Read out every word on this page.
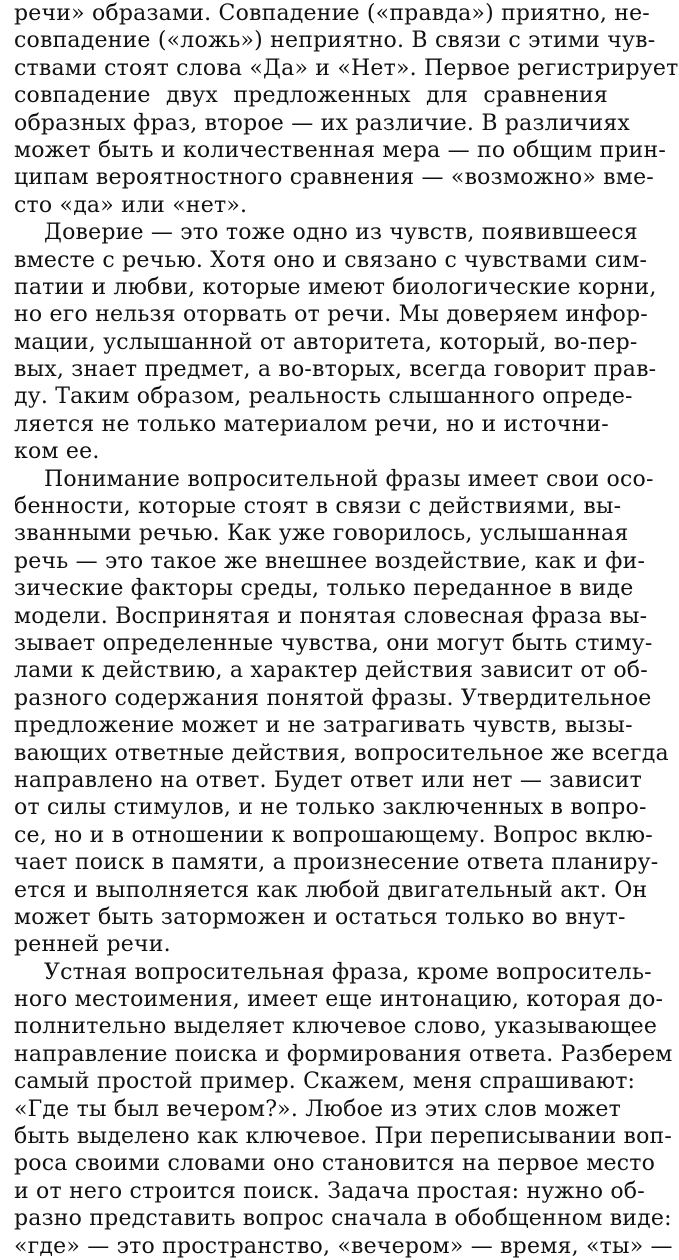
речи» образами. Совпадение («правда») приятно, не-
совпадение («ложь») неприятно. В связи с этими чув-
ствами стоят слова «Да» и «Нет». Первое регистрирует
совпадение двух предложенных для сравнения
образных фраз, второе — их различие. В различиях
может быть и количественная мера — по общим прин-
ципам вероятностного сравнения — «возможно» вме-
сто «да» или «нет».
Доверие — это тоже одно из чувств, появившееся
вместе с речью. Хотя оно и связано с чувствами сим-
патии и любви, которые имеют биологические корни,
но его нельзя оторвать от речи. Мы доверяем инфор-
мации, услышанной от авторитета, который, во-пер-
вых, знает предмет, а во-вторых, всегда говорит прав-
ду. Таким образом, реальность слышанного опреде-
ляется не только материалом речи, но и источни-
ком ее.
Понимание вопросительной фразы имеет свои осо-
бенности, которые стоят в связи с действиями, вы-
званными речью. Как уже говорилось, услышанная
речь — это такое же внешнее воздействие, как и фи-
зические факторы среды, только переданное в виде
модели. Воспринятая и понятая словесная фраза вы-
зывает определенные чувства, они могут быть стиму-
лами к действию, а характер действия зависит от об-
разного содержания понятой фразы. Утвердительное
предложение может и не затрагивать чувств, вызы-
вающих ответные действия, вопросительное же всегда
направлено на ответ. Будет ответ или нет — зависит
от силы стимулов, и не только заключенных в вопро-
се, но и в отношении к вопрошающему. Вопрос вклю-
чает поиск в памяти, а произнесение ответа планиру-
ется и выполняется как любой двигательный акт. Он
может быть заторможен и остаться только во внут-
ренней речи.
Устная вопросительная фраза, кроме вопроситель-
ного местоимения, имеет еще интонацию, которая до-
полнительно выделяет ключевое слово, указывающее
направление поиска и формирования ответа. Разберем
самый простой пример. Скажем, меня спрашивают:
«Где ты был вечером?». Любое из этих слов может
быть выделено как ключевое. При переписывании воп-
роса своими словами оно становится на первое место
и от него строится поиск. Задача простая: нужно об-
разно представить вопрос сначала в обобщенном виде:
«где» — это пространство, «вечером» — время, «ты» —
